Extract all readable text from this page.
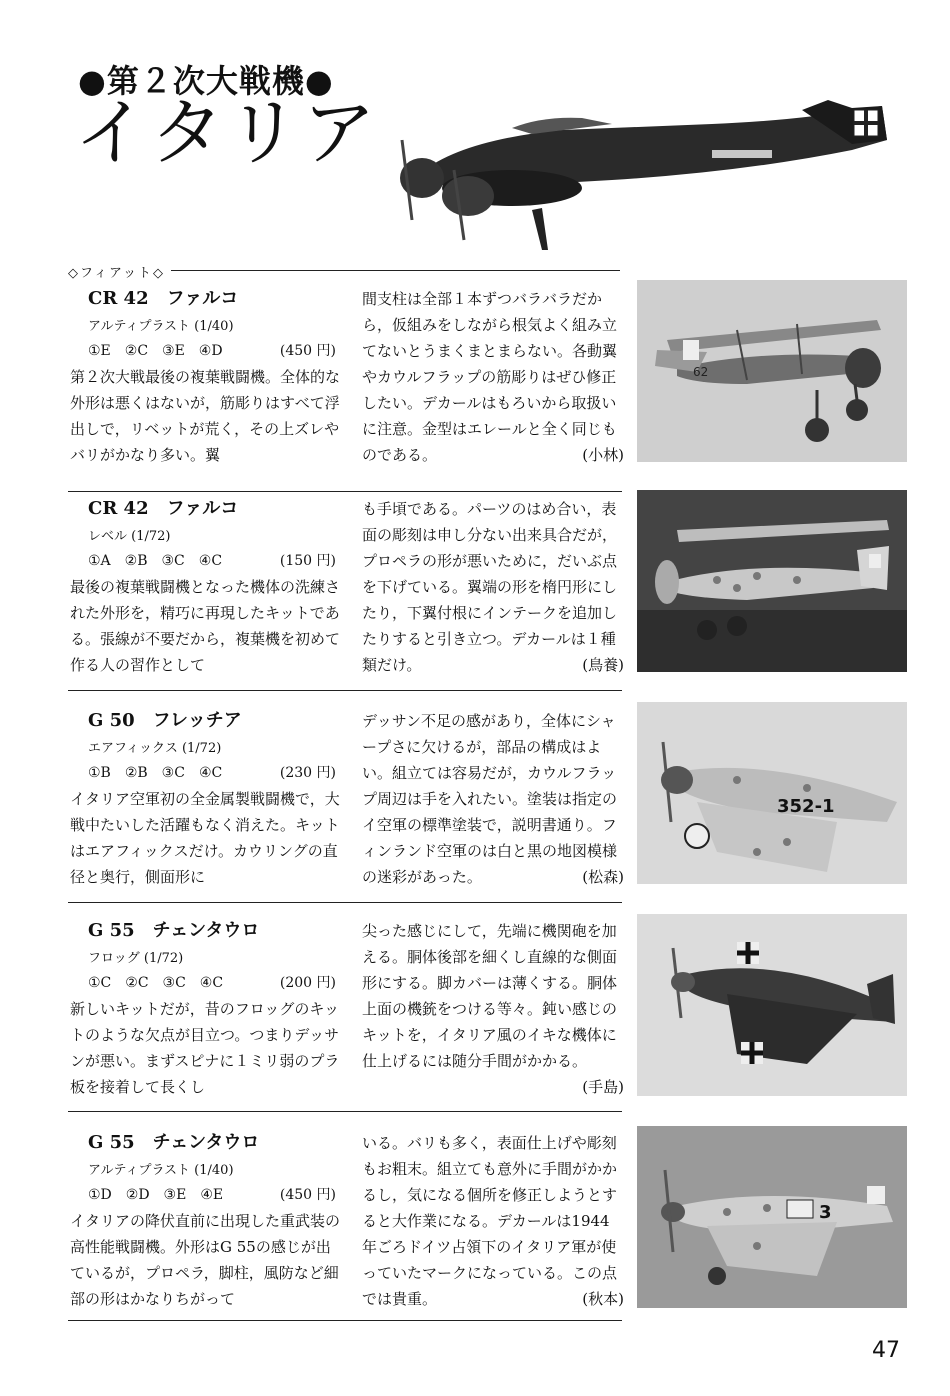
●第２次大戦機●
イタリア
◇フィアット◇
CR 42　ファルコ
アルティプラスト (1/40)
①E　②C　③E　④D	(450 円)
第２次大戦最後の複葉戦闘機。全体的な外形は悪くはないが，筋彫りはすべて浮出しで，リベットが荒く，その上ズレやバリがかなり多い。翼
間支柱は全部１本ずつバラバラだから，仮組みをしながら根気よく組み立てないとうまくまとまらない。各動翼やカウルフラップの筋彫りはぜひ修正したい。デカールはもろいから取扱いに注意。金型はエレールと全く同じものである。	(小林)
62
CR 42　ファルコ
レベル (1/72)
①A　②B　③C　④C	(150 円)
最後の複葉戦闘機となった機体の洗練された外形を，精巧に再現したキットである。張線が不要だから，複葉機を初めて作る人の習作として
も手頃である。パーツのはめ合い，表面の彫刻は申し分ない出来具合だが，プロペラの形が悪いために，だいぶ点を下げている。翼端の形を楕円形にしたり，下翼付根にインテークを追加したりすると引き立つ。デカールは１種類だけ。	(鳥養)
G 50　フレッチア
エアフィックス (1/72)
①B　②B　③C　④C	(230 円)
イタリア空軍初の全金属製戦闘機で，大戦中たいした活躍もなく消えた。キットはエアフィックスだけ。カウリングの直径と奥行，側面形に
デッサン不足の感があり，全体にシャープさに欠けるが，部品の構成はよい。組立ては容易だが，カウルフラップ周辺は手を入れたい。塗装は指定のイ空軍の標準塗装で，説明書通り。フィンランド空軍のは白と黒の地図模様の迷彩があった。	(松森)
352-1
G 55　チェンタウロ
フロッグ (1/72)
①C　②C　③C　④C	(200 円)
新しいキットだが，昔のフロッグのキットのような欠点が目立つ。つまりデッサンが悪い。まずスピナに１ミリ弱のプラ板を接着して長くし
尖った感じにして，先端に機関砲を加える。胴体後部を細くし直線的な側面形にする。脚カバーは薄くする。胴体上面の機銃をつける等々。鈍い感じのキットを，イタリア風のイキな機体に仕上げるには随分手間がかかる。
(手島)
G 55　チェンタウロ
アルティプラスト (1/40)
①D　②D　③E　④E	(450 円)
イタリアの降伏直前に出現した重武装の高性能戦闘機。外形はG 55の感じが出ているが，プロペラ，脚柱，風防など細部の形はかなりちがって
いる。バリも多く，表面仕上げや彫刻もお粗末。組立ても意外に手間がかかるし，気になる個所を修正しようとすると大作業になる。デカールは1944年ごろドイツ占領下のイタリア軍が使っていたマークになっている。この点では貴重。	(秋本)
3
47
